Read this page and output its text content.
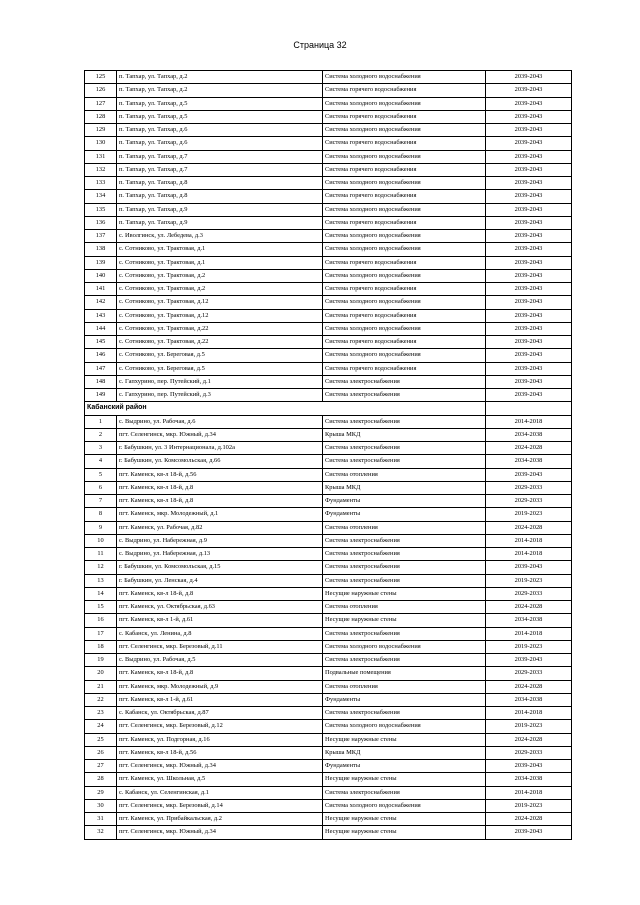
Страница 32
125	п. Тапхар, ул. Тапхар, д.2	Система холодного водоснабжения	2039-2043
126	п. Тапхар, ул. Тапхар, д.2	Система горячего водоснабжения	2039-2043
127	п. Тапхар, ул. Тапхар, д.5	Система холодного водоснабжения	2039-2043
128	п. Тапхар, ул. Тапхар, д.5	Система горячего водоснабжения	2039-2043
129	п. Тапхар, ул. Тапхар, д.6	Система холодного водоснабжения	2039-2043
130	п. Тапхар, ул. Тапхар, д.6	Система горячего водоснабжения	2039-2043
131	п. Тапхар, ул. Тапхар, д.7	Система холодного водоснабжения	2039-2043
132	п. Тапхар, ул. Тапхар, д.7	Система горячего водоснабжения	2039-2043
133	п. Тапхар, ул. Тапхар, д.8	Система холодного водоснабжения	2039-2043
134	п. Тапхар, ул. Тапхар, д.8	Система горячего водоснабжения	2039-2043
135	п. Тапхар, ул. Тапхар, д.9	Система холодного водоснабжения	2039-2043
136	п. Тапхар, ул. Тапхар, д.9	Система горячего водоснабжения	2039-2043
137	с. Иволгинск, ул. Лебедева, д.3	Система холодного водоснабжения	2039-2043
138	с. Сотниково, ул. Трактовая, д.1	Система холодного водоснабжения	2039-2043
139	с. Сотниково, ул. Трактовая, д.1	Система горячего водоснабжения	2039-2043
140	с. Сотниково, ул. Трактовая, д.2	Система холодного водоснабжения	2039-2043
141	с. Сотниково, ул. Трактовая, д.2	Система горячего водоснабжения	2039-2043
142	с. Сотниково, ул. Трактовая, д.12	Система холодного водоснабжения	2039-2043
143	с. Сотниково, ул. Трактовая, д.12	Система горячего водоснабжения	2039-2043
144	с. Сотниково, ул. Трактовая, д.22	Система холодного водоснабжения	2039-2043
145	с. Сотниково, ул. Трактовая, д.22	Система горячего водоснабжения	2039-2043
146	с. Сотниково, ул. Береговая, д.5	Система холодного водоснабжения	2039-2043
147	с. Сотниково, ул. Береговая, д.5	Система горячего водоснабжения	2039-2043
148	с. Гапхурино, пер. Путейский, д.1	Система электроснабжения	2039-2043
149	с. Гапхурино, пер. Путейский, д.3	Система электроснабжения	2039-2043
Кабанский район			
1	с. Выдрино, ул. Рабочая, д.6	Система электроснабжения	2014-2018
2	пгт. Селенгинск, мкр. Южный, д.34	Крыша МКД	2034-2038
3	г. Бабушкин, ул. 3 Интернационала, д.102а	Система электроснабжения	2024-2028
4	г. Бабушкин, ул. Комсомольская, д.66	Система электроснабжения	2034-2038
5	пгт. Каменск, кв-л 18-й, д.56	Система отопления	2039-2043
6	пгт. Каменск, кв-л 18-й, д.8	Крыша МКД	2029-2033
7	пгт. Каменск, кв-л 18-й, д.8	Фундаменты	2029-2033
8	пгт. Каменск, мкр. Молодежный, д.1	Фундаменты	2019-2023
9	пгт. Каменск, ул. Рабочая, д.82	Система отопления	2024-2028
10	с. Выдрино, ул. Набережная, д.9	Система электроснабжения	2014-2018
11	с. Выдрино, ул. Набережная, д.13	Система электроснабжения	2014-2018
12	г. Бабушкин, ул. Комсомольская, д.15	Система электроснабжения	2039-2043
13	г. Бабушкин, ул. Ленская, д.4	Система электроснабжения	2019-2023
14	пгт. Каменск, кв-л 18-й, д.8	Несущие наружные стены	2029-2033
15	пгт. Каменск, ул. Октябрьская, д.63	Система отопления	2024-2028
16	пгт. Каменск, кв-л 1-й, д.61	Несущие наружные стены	2034-2038
17	с. Кабанск, ул. Ленина, д.8	Система электроснабжения	2014-2018
18	пгт. Селенгинск, мкр. Березовый, д.11	Система холодного водоснабжения	2019-2023
19	с. Выдрино, ул. Рабочая, д.5	Система электроснабжения	2039-2043
20	пгт. Каменск, кв-л 18-й, д.8	Подвальные помещения	2029-2033
21	пгт. Каменск, мкр. Молодежный, д.9	Система отопления	2024-2028
22	пгт. Каменск, кв-л 1-й, д.61	Фундаменты	2034-2038
23	с. Кабанск, ул. Октябрьская, д.87	Система электроснабжения	2014-2018
24	пгт. Селенгинск, мкр. Березовый, д.12	Система холодного водоснабжения	2019-2023
25	пгт. Каменск, ул. Подгорная, д.16	Несущие наружные стены	2024-2028
26	пгт. Каменск, кв-л 18-й, д.56	Крыша МКД	2029-2033
27	пгт. Селенгинск, мкр. Южный, д.34	Фундаменты	2039-2043
28	пгт. Каменск, ул. Школьная, д.5	Несущие наружные стены	2034-2038
29	с. Кабанск, ул. Селенгинская, д.1	Система электроснабжения	2014-2018
30	пгт. Селенгинск, мкр. Березовый, д.14	Система холодного водоснабжения	2019-2023
31	пгт. Каменск, ул. Прибайкальская, д.2	Несущие наружные стены	2024-2028
32	пгт. Селенгинск, мкр. Южный, д.34	Несущие наружные стены	2039-2043
